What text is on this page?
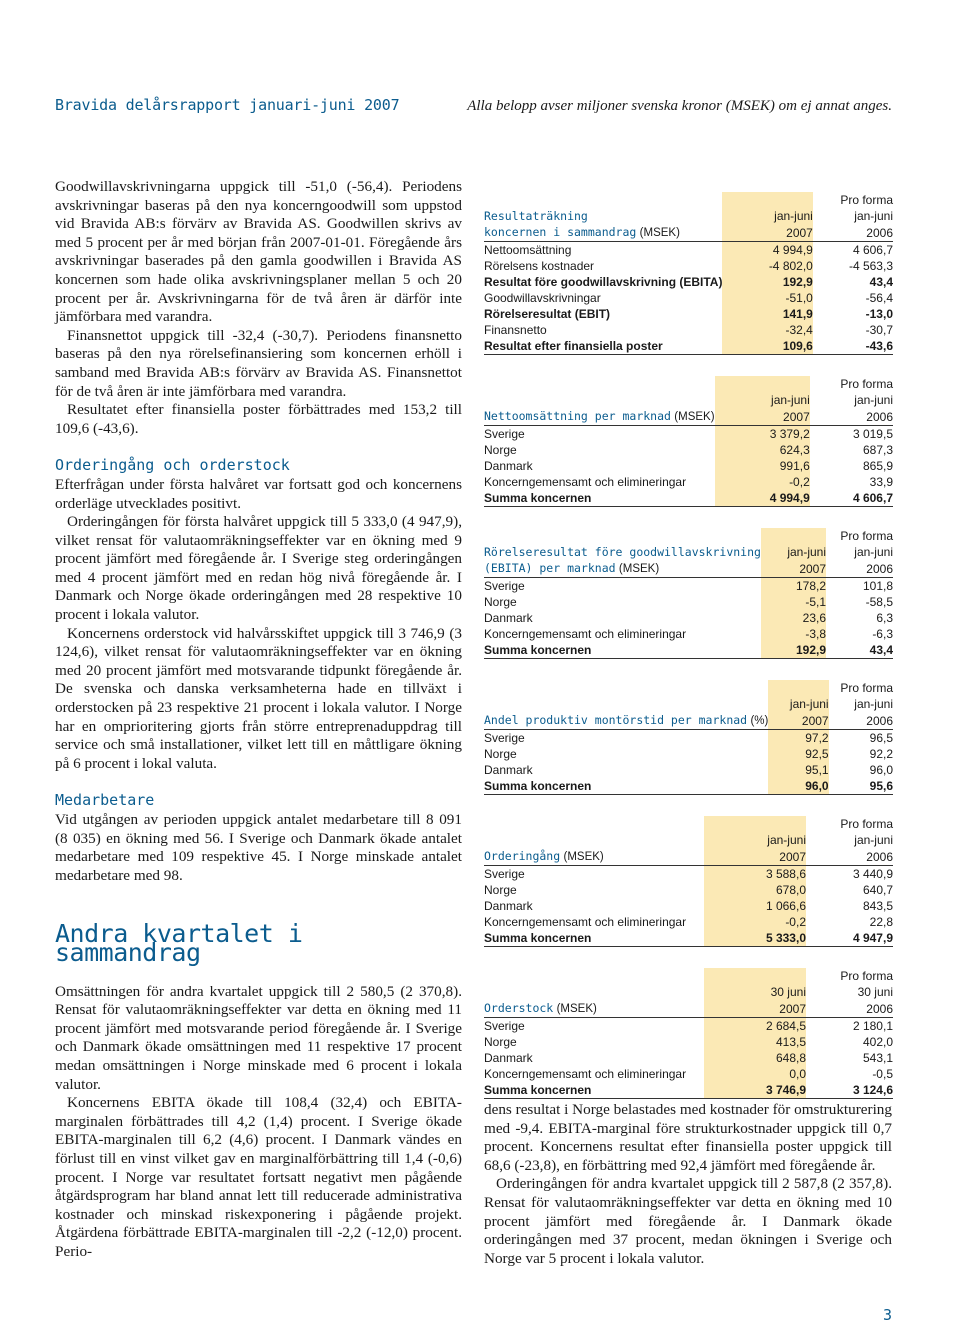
Bravida delårsrapport januari-juni 2007	Alla belopp avser miljoner svenska kronor (MSEK) om ej annat anges.

Goodwillavskrivningarna uppgick till -51,0 (-56,4). Periodens avskrivningar baseras på den nya koncerngoodwill som uppstod vid Bravida AB:s förvärv av Bravida AS. Goodwillen skrivs av med 5 procent per år med början från 2007-01-01. Föregående års avskrivningar baserades på den gamla goodwillen i Bravida AS koncernen som hade olika avskrivningsplaner mellan 5 och 20 procent per år. Avskrivningarna för de två åren är därför inte jämförbara med varandra.

Finansnettot uppgick till -32,4 (-30,7). Periodens finansnetto baseras på den nya rörelsefinansiering som koncernen erhöll i samband med Bravida AB:s förvärv av Bravida AS. Finansnettot för de två åren är inte jämförbara med varandra.

Resultatet efter finansiella poster förbättrades med 153,2 till 109,6 (-43,6).

Orderingång och orderstock

Efterfrågan under första halvåret var fortsatt god och koncernens orderläge utvecklades positivt.

Orderingången för första halvåret uppgick till 5 333,0 (4 947,9), vilket rensat för valutaomräkningseffekter var en ökning med 9 procent jämfört med föregående år. I Sverige steg orderingången med 4 procent jämfört med en redan hög nivå föregående år. I Danmark och Norge ökade orderingången med 28 respektive 10 procent i lokala valutor.

Koncernens orderstock vid halvårsskiftet uppgick till 3 746,9 (3 124,6), vilket rensat för valutaomräkningseffekter var en ökning med 20 procent jämfört med motsvarande tidpunkt föregående år. De svenska och danska verksamheterna hade en tillväxt i orderstocken på 23 respektive 21 procent i lokala valutor. I Norge har en omprioritering gjorts från större entreprenaduppdrag till service och små installationer, vilket lett till en måttligare ökning på 6 procent i lokal valuta.

Medarbetare

Vid utgången av perioden uppgick antalet medarbetare till 8 091 (8 035) en ökning med 56. I Sverige och Danmark ökade antalet medarbetare med 109 respektive 45. I Norge minskade antalet medarbetare med 98.

Andra kvartalet i sammandrag

Omsättningen för andra kvartalet uppgick till 2 580,5 (2 370,8). Rensat för valutaomräkningseffekter var detta en ökning med 11 procent jämfört med motsvarande period föregående år. I Sverige och Danmark ökade omsättningen med 11 respektive 17 procent medan omsättningen i Norge minskade med 6 procent i lokala valutor.

Koncernens EBITA ökade till 108,4 (32,4) och EBITA-marginalen förbättrades till 4,2 (1,4) procent. I Sverige ökade EBITA-marginalen till 6,2 (4,6) procent. I Danmark vändes en förlust till en vinst vilket gav en marginalförbättring till 1,4 (-0,6) procent. I Norge var resultatet fortsatt negativt men pågående åtgärdsprogram har bland annat lett till reducerade administrativa kostnader och minskad riskexponering i pågående projekt. Åtgärdena förbättrade EBITA-marginalen till -2,2 (-12,0) procent. Perio-

		Pro forma
Resultaträkning	jan-juni	jan-juni
koncernen i sammandrag (MSEK)	2007	2006
Nettoomsättning	4 994,9	4 606,7
Rörelsens kostnader	-4 802,0	-4 563,3
Resultat före goodwillavskrivning (EBITA)	192,9	43,4
Goodwillavskrivningar	-51,0	-56,4
Rörelseresultat (EBIT)	141,9	-13,0
Finansnetto	-32,4	-30,7
Resultat efter finansiella poster	109,6	-43,6
		Pro forma
	jan-juni	jan-juni
Nettoomsättning per marknad (MSEK)	2007	2006
Sverige	3 379,2	3 019,5
Norge	624,3	687,3
Danmark	991,6	865,9
Koncerngemensamt och elimineringar	-0,2	33,9
Summa koncernen	4 994,9	4 606,7
		Pro forma
Rörelseresultat före goodwillavskrivning	jan-juni	jan-juni
(EBITA) per marknad (MSEK)	2007	2006
Sverige	178,2	101,8
Norge	-5,1	-58,5
Danmark	23,6	6,3
Koncerngemensamt och elimineringar	-3,8	-6,3
Summa koncernen	192,9	43,4
		Pro forma
	jan-juni	jan-juni
Andel produktiv montörstid per marknad (%)	2007	2006
Sverige	97,2	96,5
Norge	92,5	92,2
Danmark	95,1	96,0
Summa koncernen	96,0	95,6
		Pro forma
	jan-juni	jan-juni
Orderingång (MSEK)	2007	2006
Sverige	3 588,6	3 440,9
Norge	678,0	640,7
Danmark	1 066,6	843,5
Koncerngemensamt och elimineringar	-0,2	22,8
Summa koncernen	5 333,0	4 947,9
		Pro forma
	30 juni	30 juni
Orderstock (MSEK)	2007	2006
Sverige	2 684,5	2 180,1
Norge	413,5	402,0
Danmark	648,8	543,1
Koncerngemensamt och elimineringar	0,0	-0,5
Summa koncernen	3 746,9	3 124,6

dens resultat i Norge belastades med kostnader för omstrukturering med -9,4. EBITA-marginal före strukturkostnader uppgick till 0,7 procent. Koncernens resultat efter finansiella poster uppgick till 68,6 (-23,8), en förbättring med 92,4 jämfört med föregående år.

Orderingången för andra kvartalet uppgick till 2 587,8 (2 357,8). Rensat för valutaomräkningseffekter var detta en ökning med 10 procent jämfört med föregående år. I Danmark ökade orderingången med 37 procent, medan ökningen i Sverige och Norge var 5 procent i lokala valutor.

3
